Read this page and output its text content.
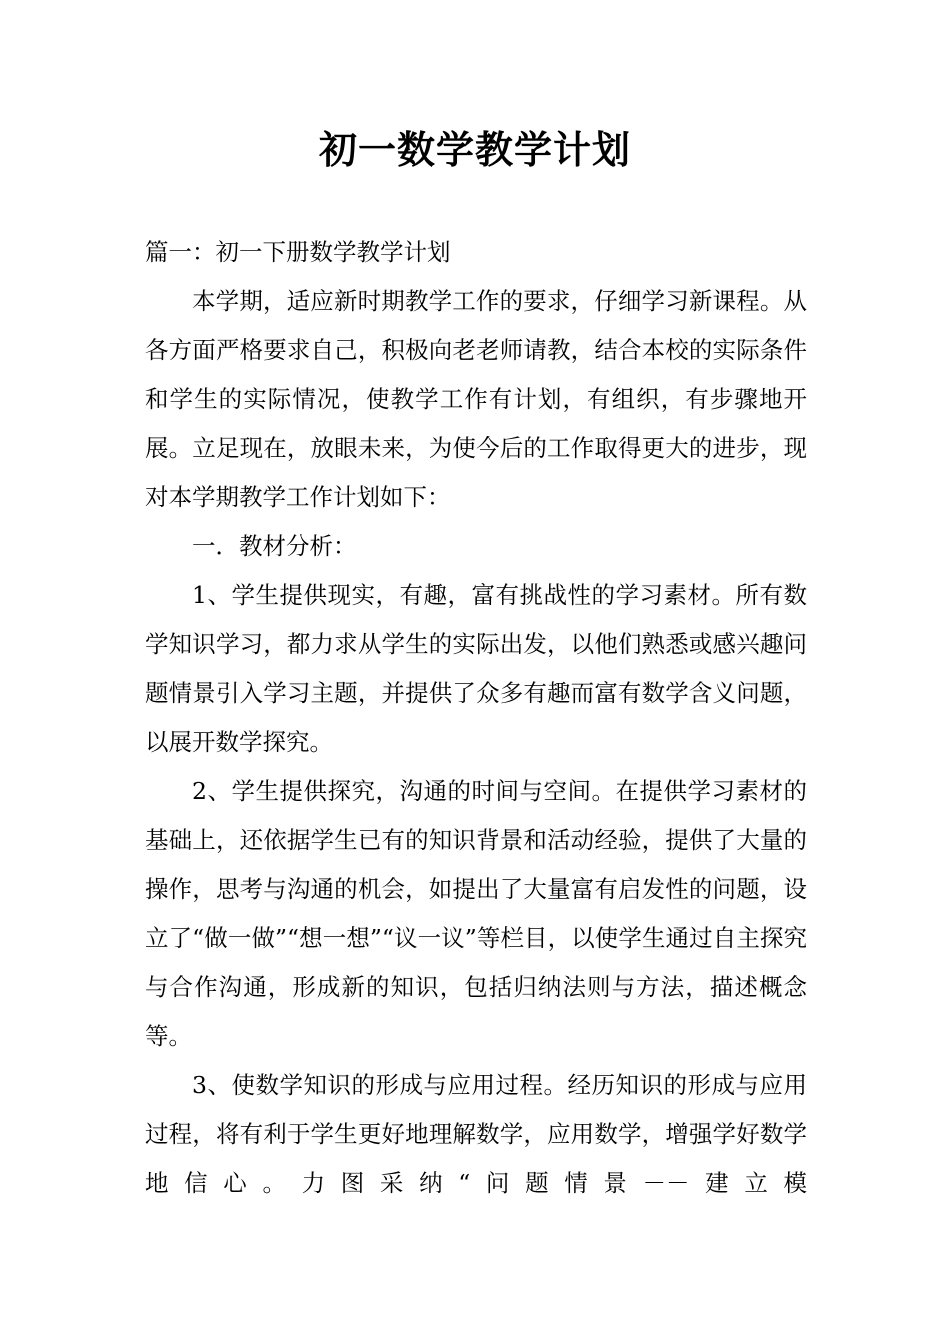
初一数学教学计划
篇一：初一下册数学教学计划

本学期，适应新时期教学工作的要求，仔细学习新课程。从各方面严格要求自己，积极向老老师请教，结合本校的实际条件和学生的实际情况，使教学工作有计划，有组织，有步骤地开展。立足现在，放眼未来，为使今后的工作取得更大的进步，现对本学期教学工作计划如下：

一．教材分析：

1、学生提供现实，有趣，富有挑战性的学习素材。所有数学知识学习，都力求从学生的实际出发，以他们熟悉或感兴趣问题情景引入学习主题，并提供了众多有趣而富有数学含义问题，以展开数学探究。

2、学生提供探究，沟通的时间与空间。在提供学习素材的基础上，还依据学生已有的知识背景和活动经验，提供了大量的操作，思考与沟通的机会，如提出了大量富有启发性的问题，设立了“做一做”“想一想”“议一议”等栏目，以使学生通过自主探究与合作沟通，形成新的知识，包括归纳法则与方法，描述概念等。

3、使数学知识的形成与应用过程。经历知识的形成与应用过程，将有利于学生更好地理解数学，应用数学，增强学好数学地信心。力图采纳“问题情景－－建立模
